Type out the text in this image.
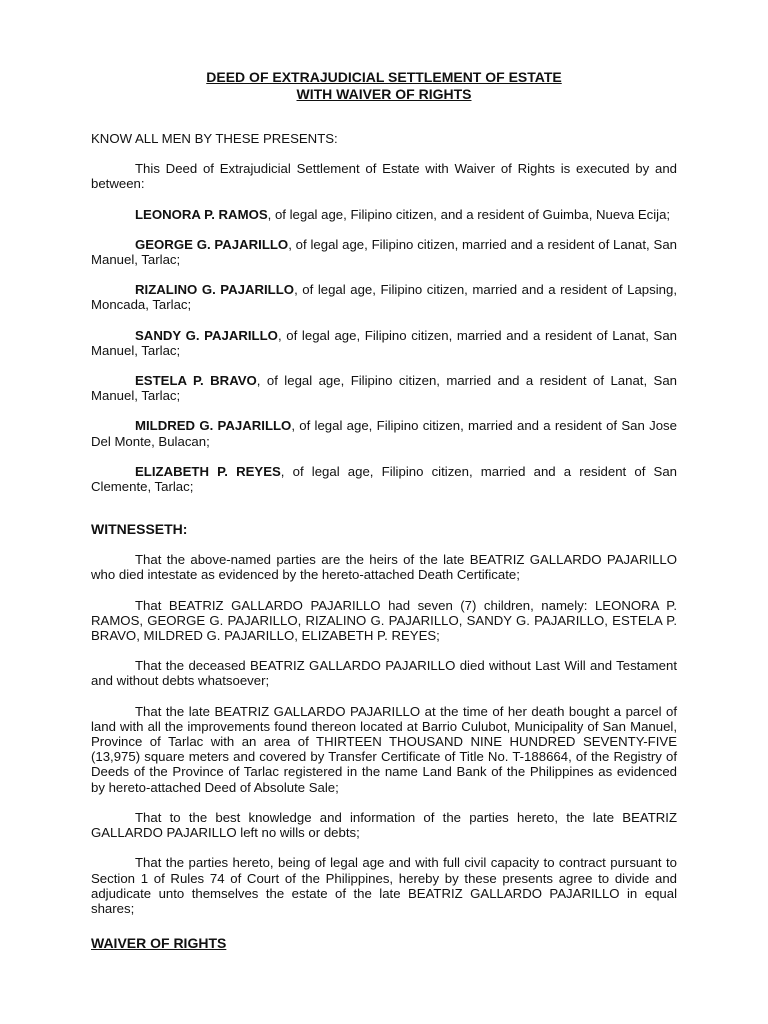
DEED OF EXTRAJUDICIAL SETTLEMENT OF ESTATE
WITH WAIVER OF RIGHTS

KNOW ALL MEN BY THESE PRESENTS:

This Deed of Extrajudicial Settlement of Estate with Waiver of Rights is executed by and between:

LEONORA P. RAMOS, of legal age, Filipino citizen, and a resident of Guimba, Nueva Ecija;

GEORGE G. PAJARILLO, of legal age, Filipino citizen, married and a resident of Lanat, San Manuel, Tarlac;

RIZALINO G. PAJARILLO, of legal age, Filipino citizen, married and a resident of Lapsing, Moncada, Tarlac;

SANDY G. PAJARILLO, of legal age, Filipino citizen, married and a resident of Lanat, San Manuel, Tarlac;

ESTELA P. BRAVO, of legal age, Filipino citizen, married and a resident of Lanat, San Manuel, Tarlac;

MILDRED G. PAJARILLO, of legal age, Filipino citizen, married and a resident of San Jose Del Monte, Bulacan;

ELIZABETH P. REYES, of legal age, Filipino citizen, married and a resident of San Clemente, Tarlac;

WITNESSETH:

That the above-named parties are the heirs of the late BEATRIZ GALLARDO PAJARILLO who died intestate as evidenced by the hereto-attached Death Certificate;

That BEATRIZ GALLARDO PAJARILLO had seven (7) children, namely: LEONORA P. RAMOS, GEORGE G. PAJARILLO, RIZALINO G. PAJARILLO, SANDY G. PAJARILLO, ESTELA P. BRAVO, MILDRED G. PAJARILLO, ELIZABETH P. REYES;

That the deceased BEATRIZ GALLARDO PAJARILLO died without Last Will and Testament and without debts whatsoever;

That the late BEATRIZ GALLARDO PAJARILLO at the time of her death bought a parcel of land with all the improvements found thereon located at Barrio Culubot, Municipality of San Manuel, Province of Tarlac with an area of THIRTEEN THOUSAND NINE HUNDRED SEVENTY-FIVE (13,975) square meters and covered by Transfer Certificate of Title No. T-188664, of the Registry of Deeds of the Province of Tarlac registered in the name Land Bank of the Philippines as evidenced by hereto-attached Deed of Absolute Sale;

That to the best knowledge and information of the parties hereto, the late BEATRIZ GALLARDO PAJARILLO left no wills or debts;

That the parties hereto, being of legal age and with full civil capacity to contract pursuant to Section 1 of Rules 74 of Court of the Philippines, hereby by these presents agree to divide and adjudicate unto themselves the estate of the late BEATRIZ GALLARDO PAJARILLO in equal shares;

WAIVER OF RIGHTS
